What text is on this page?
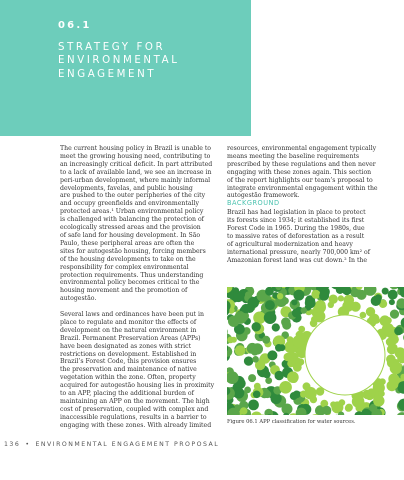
06.1
STRATEGY FOR
ENVIRONMENTAL
ENGAGEMENT

The current housing policy in Brazil is unable to
meet the growing housing need, contributing to
an increasingly critical deficit. In part attributed
to a lack of available land, we see an increase in
peri-urban development, where mainly informal
developments, favelas, and public housing
are pushed to the outer peripheries of the city
and occupy greenfields and environmentally
protected areas.¹ Urban environmental policy
is challenged with balancing the protection of
ecologically stressed areas and the provision
of safe land for housing development. In São
Paulo, these peripheral areas are often the
sites for autogestão housing, forcing members
of the housing developments to take on the
responsibility for complex environmental
protection requirements. Thus understanding
environmental policy becomes critical to the
housing movement and the promotion of
autogestão.

Several laws and ordinances have been put in
place to regulate and monitor the effects of
development on the natural environment in
Brazil. Permanent Preservation Areas (APPs)
have been designated as zones with strict
restrictions on development. Established in
Brazil’s Forest Code, this provision ensures
the preservation and maintenance of native
vegetation within the zone. Often, property
acquired for autogestão housing lies in proximity
to an APP, placing the additional burden of
maintaining an APP on the movement. The high
cost of preservation, coupled with complex and
inaccessible regulations, results in a barrier to
engaging with these zones. With already limited

resources, environmental engagement typically
means meeting the baseline requirements
prescribed by these regulations and then never
engaging with these zones again. This section
of the report highlights our team’s proposal to
integrate environmental engagement within the
autogestão framework.

BACKGROUND

Brazil has had legislation in place to protect
its forests since 1934; it established its first
Forest Code in 1965. During the 1980s, due
to massive rates of deforestation as a result
of agricultural modernization and heavy
international pressure, nearly 700,000 km² of
Amazonian forest land was cut down.² In the

Figure 06.1 APP classification for water sources.
136 • ENVIRONMENTAL ENGAGEMENT PROPOSAL
